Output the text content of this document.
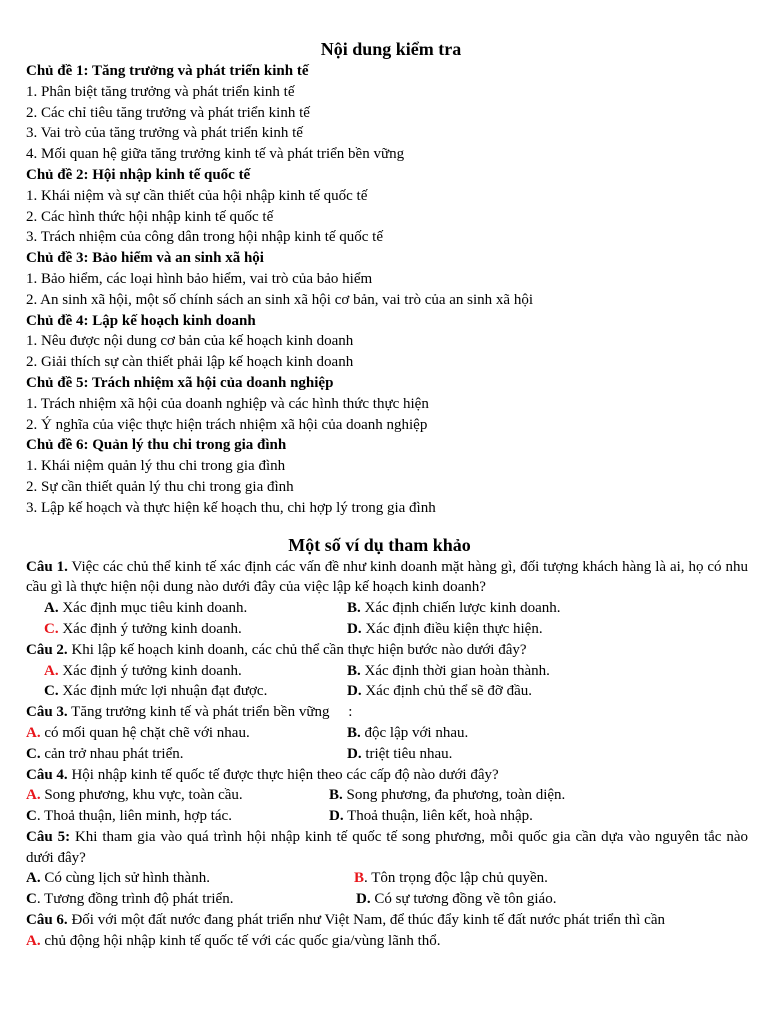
Nội dung kiểm tra
Chủ đề 1: Tăng trưởng và phát triển kinh tế
1. Phân biệt tăng trưởng và phát triển kinh tế
2. Các chỉ tiêu tăng trưởng và phát triển kinh tế
3. Vai trò của tăng trưởng và phát triển kinh tế
4. Mối quan hệ giữa tăng trưởng kinh tế và phát triển bền vững
Chủ đề 2: Hội nhập kinh tế quốc tế
1. Khái niệm và sự cần thiết của hội nhập kinh tế quốc tế
2. Các hình thức hội nhập kinh tế quốc tế
3. Trách nhiệm của công dân trong hội nhập kinh tế quốc tế
Chủ đề 3: Bảo hiểm và an sinh xã hội
1. Bảo hiểm, các loại hình bảo hiểm, vai trò của bảo hiểm
2. An sinh xã hội, một số chính sách an sinh xã hội cơ bản, vai trò của an sinh xã hội
Chủ đề 4: Lập kế hoạch kinh doanh
1. Nêu được nội dung cơ bản của kế hoạch kinh doanh
2. Giải thích sự càn thiết phải lập kế hoạch kinh doanh
Chủ đề 5: Trách nhiệm xã hội của doanh nghiệp
1. Trách nhiệm xã hội của doanh nghiệp và các hình thức thực hiện
2. Ý nghĩa của việc thực hiện trách nhiệm xã hội của doanh nghiệp
Chủ đề 6: Quản lý thu chi trong gia đình
1. Khái niệm quản lý thu chi trong gia đình
2. Sự cần thiết quản lý thu chi trong gia đình
3. Lập kế hoạch và thực hiện kế hoạch thu, chi hợp lý trong gia đình
Một số ví dụ tham khảo
Câu 1. Việc các chủ thể kinh tế xác định các vấn đề như kinh doanh mặt hàng gì, đối tượng khách hàng là ai, họ có nhu cầu gì là thực hiện nội dung nào dưới đây của việc lập kế hoạch kinh doanh?
A. Xác định mục tiêu kinh doanh.	B. Xác định chiến lược kinh doanh.
C. Xác định ý tưởng kinh doanh.	D. Xác định điều kiện thực hiện.
Câu 2. Khi lập kế hoạch kinh doanh, các chủ thể cần thực hiện bước nào dưới đây?
A. Xác định ý tưởng kinh doanh.	B. Xác định thời gian hoàn thành.
C. Xác định mức lợi nhuận đạt được.	D. Xác định chủ thể sẽ đỡ đầu.
Câu 3. Tăng trưởng kinh tế và phát triển bền vững     :
A. có mối quan hệ chặt chẽ với nhau.	B. độc lập với nhau.
C. cản trở nhau phát triển.	D. triệt tiêu nhau.
Câu 4. Hội nhập kinh tế quốc tế được thực hiện theo các cấp độ nào dưới đây?
A. Song phương, khu vực, toàn cầu.	B. Song phương, đa phương, toàn diện.
C. Thoả thuận, liên minh, hợp tác.	D. Thoả thuận, liên kết, hoà nhập.
Câu 5: Khi tham gia vào quá trình hội nhập kinh tế quốc tế song phương, mỗi quốc gia cần dựa vào nguyên tắc nào dưới đây?
A. Có cùng lịch sử hình thành.	B. Tôn trọng độc lập chủ quyền.
C. Tương đồng trình độ phát triển.	D. Có sự tương đồng về tôn giáo.
Câu 6. Đối với một đất nước đang phát triển như Việt Nam, để thúc đẩy kinh tế đất nước phát triển thì cần
A. chủ động hội nhập kinh tế quốc tế với các quốc gia/vùng lãnh thổ.
